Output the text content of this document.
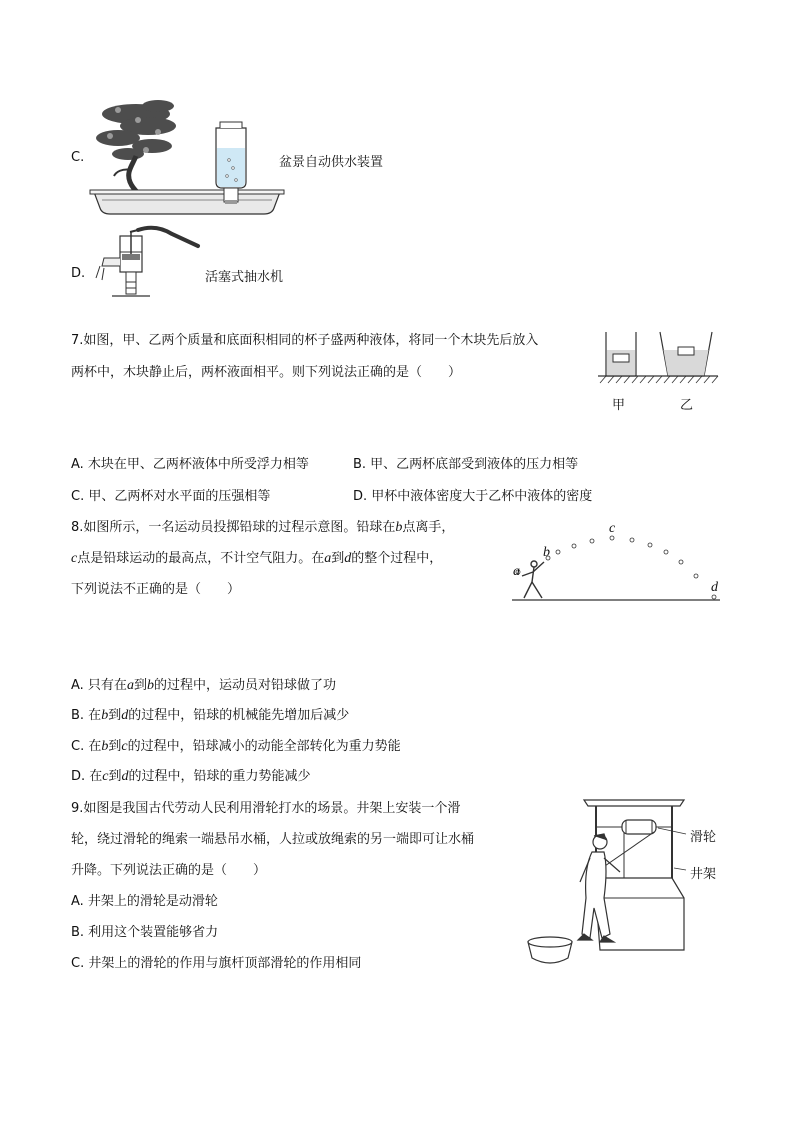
C.	盆景自动供水装置
D.	活塞式抽水机
7.如图，甲、乙两个质量和底面积相同的杯子盛两种液体，将同一个木块先后放入
两杯中，木块静止后，两杯液面相平。则下列说法正确的是（　　）
甲	乙
A. 木块在甲、乙两杯液体中所受浮力相等	B. 甲、乙两杯底部受到液体的压力相等
C. 甲、乙两杯对水平面的压强相等	D. 甲杯中液体密度大于乙杯中液体的密度
8.如图所示，一名运动员投掷铅球的过程示意图。铅球在b点离手，
c点是铅球运动的最高点，不计空气阻力。在a到d的整个过程中，
下列说法不正确的是（　　）
a
b
c
d
A. 只有在a到b的过程中，运动员对铅球做了功
B. 在b到d的过程中，铅球的机械能先增加后减少
C. 在b到c的过程中，铅球减小的动能全部转化为重力势能
D. 在c到d的过程中，铅球的重力势能减少
9.如图是我国古代劳动人民利用滑轮打水的场景。井架上安装一个滑
轮，绕过滑轮的绳索一端悬吊水桶，人拉或放绳索的另一端即可让水桶
升降。下列说法正确的是（　　）
滑轮
井架
A. 井架上的滑轮是动滑轮
B. 利用这个装置能够省力
C. 井架上的滑轮的作用与旗杆顶部滑轮的作用相同
